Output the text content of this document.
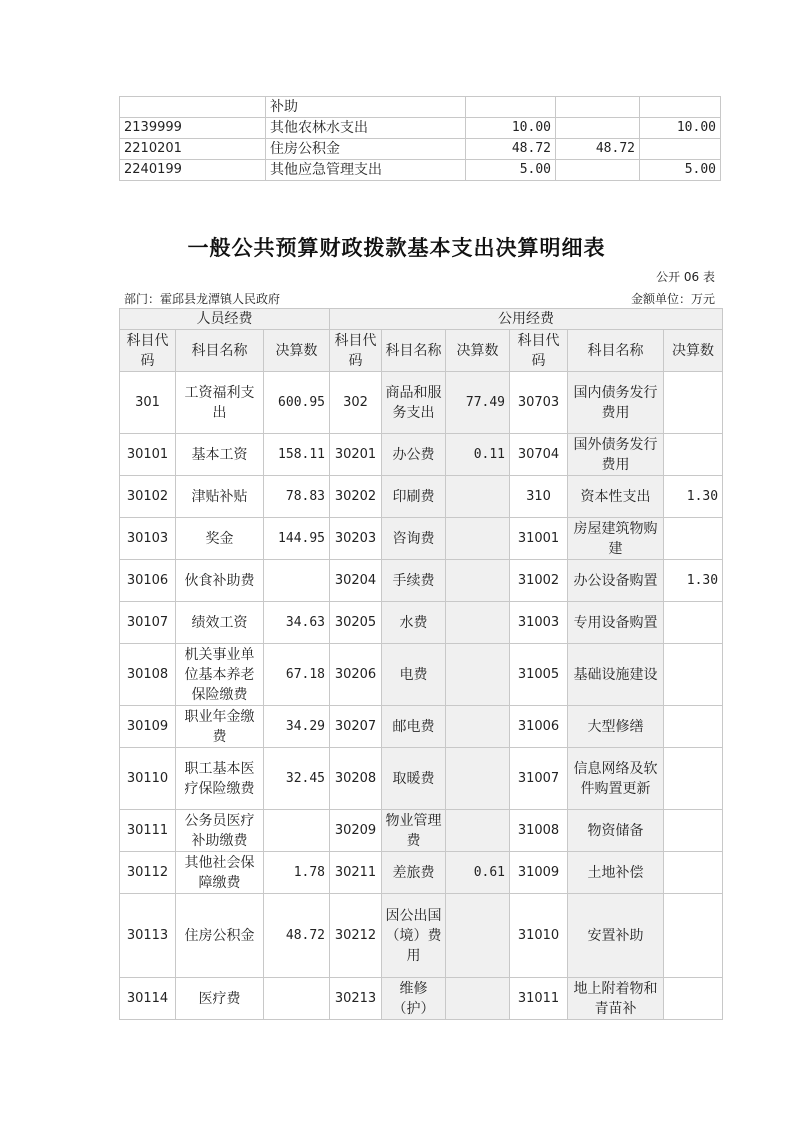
	补助			
2139999	其他农林水支出	10.00		10.00
2210201	住房公积金	48.72	48.72	
2240199	其他应急管理支出	5.00		5.00
一般公共预算财政拨款基本支出决算明细表
公开 06 表
部门：霍邱县龙潭镇人民政府	金额单位：万元
人员经费			公用经费					
科目代码	科目名称	决算数	科目代码	科目名称	决算数	科目代码	科目名称	决算数
301	工资福利支出	600.95	302	商品和服务支出	77.49	30703	国内债务发行费用	
30101	基本工资	158.11	30201	办公费	0.11	30704	国外债务发行费用	
30102	津贴补贴	78.83	30202	印刷费		310	资本性支出	1.30
30103	奖金	144.95	30203	咨询费		31001	房屋建筑物购建	
30106	伙食补助费		30204	手续费		31002	办公设备购置	1.30
30107	绩效工资	34.63	30205	水费		31003	专用设备购置	
30108	机关事业单位基本养老保险缴费	67.18	30206	电费		31005	基础设施建设	
30109	职业年金缴费	34.29	30207	邮电费		31006	大型修缮	
30110	职工基本医疗保险缴费	32.45	30208	取暖费		31007	信息网络及软件购置更新	
30111	公务员医疗补助缴费		30209	物业管理费		31008	物资储备	
30112	其他社会保障缴费	1.78	30211	差旅费	0.61	31009	土地补偿	
30113	住房公积金	48.72	30212	因公出国（境）费用		31010	安置补助	
30114	医疗费		30213	维修（护）		31011	地上附着物和青苗补	
